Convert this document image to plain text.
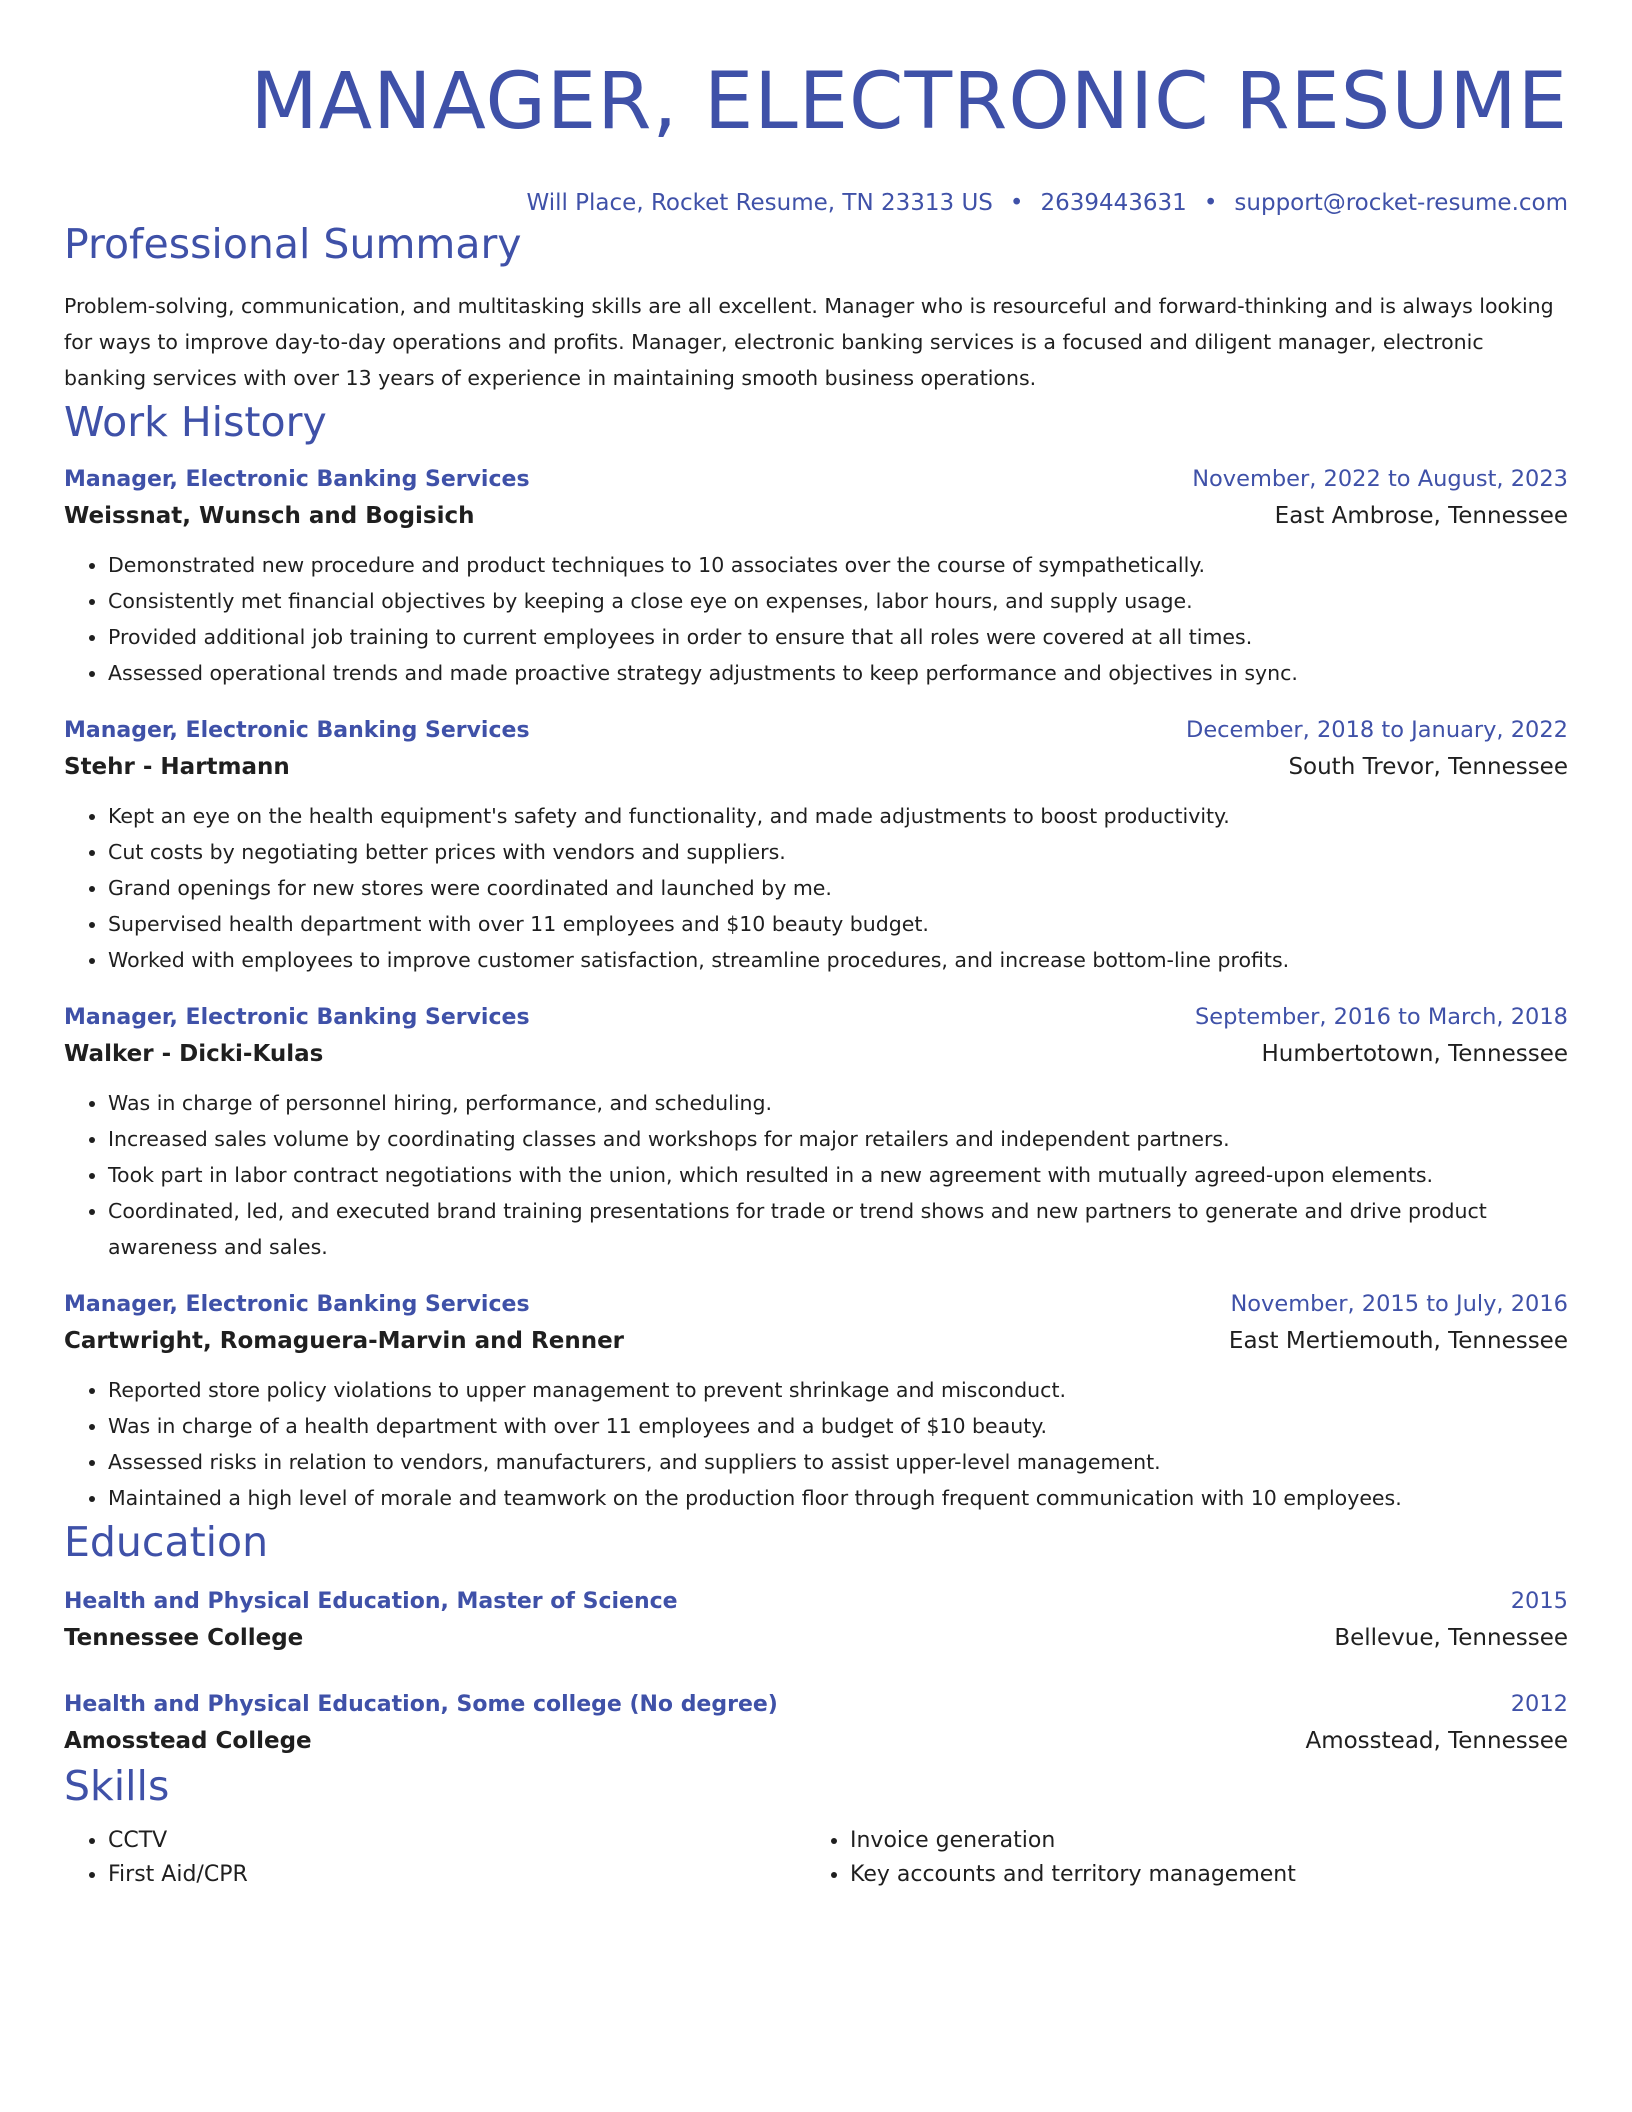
MANAGER, ELECTRONIC RESUME
Will Place, Rocket Resume, TN 23313 US • 2639443631 • support@rocket-resume.com
Professional Summary
Problem-solving, communication, and multitasking skills are all excellent. Manager who is resourceful and forward-thinking and is always looking for ways to improve day-to-day operations and profits. Manager, electronic banking services is a focused and diligent manager, electronic banking services with over 13 years of experience in maintaining smooth business operations.
Work History
Manager, Electronic Banking Services	November, 2022 to August, 2023
Weissnat, Wunsch and Bogisich	East Ambrose, Tennessee
• Demonstrated new procedure and product techniques to 10 associates over the course of sympathetically.
• Consistently met financial objectives by keeping a close eye on expenses, labor hours, and supply usage.
• Provided additional job training to current employees in order to ensure that all roles were covered at all times.
• Assessed operational trends and made proactive strategy adjustments to keep performance and objectives in sync.
Manager, Electronic Banking Services	December, 2018 to January, 2022
Stehr - Hartmann	South Trevor, Tennessee
• Kept an eye on the health equipment's safety and functionality, and made adjustments to boost productivity.
• Cut costs by negotiating better prices with vendors and suppliers.
• Grand openings for new stores were coordinated and launched by me.
• Supervised health department with over 11 employees and $10 beauty budget.
• Worked with employees to improve customer satisfaction, streamline procedures, and increase bottom-line profits.
Manager, Electronic Banking Services	September, 2016 to March, 2018
Walker - Dicki-Kulas	Humbertotown, Tennessee
• Was in charge of personnel hiring, performance, and scheduling.
• Increased sales volume by coordinating classes and workshops for major retailers and independent partners.
• Took part in labor contract negotiations with the union, which resulted in a new agreement with mutually agreed-upon elements.
• Coordinated, led, and executed brand training presentations for trade or trend shows and new partners to generate and drive product awareness and sales.
Manager, Electronic Banking Services	November, 2015 to July, 2016
Cartwright, Romaguera-Marvin and Renner	East Mertiemouth, Tennessee
• Reported store policy violations to upper management to prevent shrinkage and misconduct.
• Was in charge of a health department with over 11 employees and a budget of $10 beauty.
• Assessed risks in relation to vendors, manufacturers, and suppliers to assist upper-level management.
• Maintained a high level of morale and teamwork on the production floor through frequent communication with 10 employees.
Education
Health and Physical Education, Master of Science	2015
Tennessee College	Bellevue, Tennessee
Health and Physical Education, Some college (No degree)	2012
Amosstead College	Amosstead, Tennessee
Skills
• CCTV
• First Aid/CPR
• Invoice generation
• Key accounts and territory management
